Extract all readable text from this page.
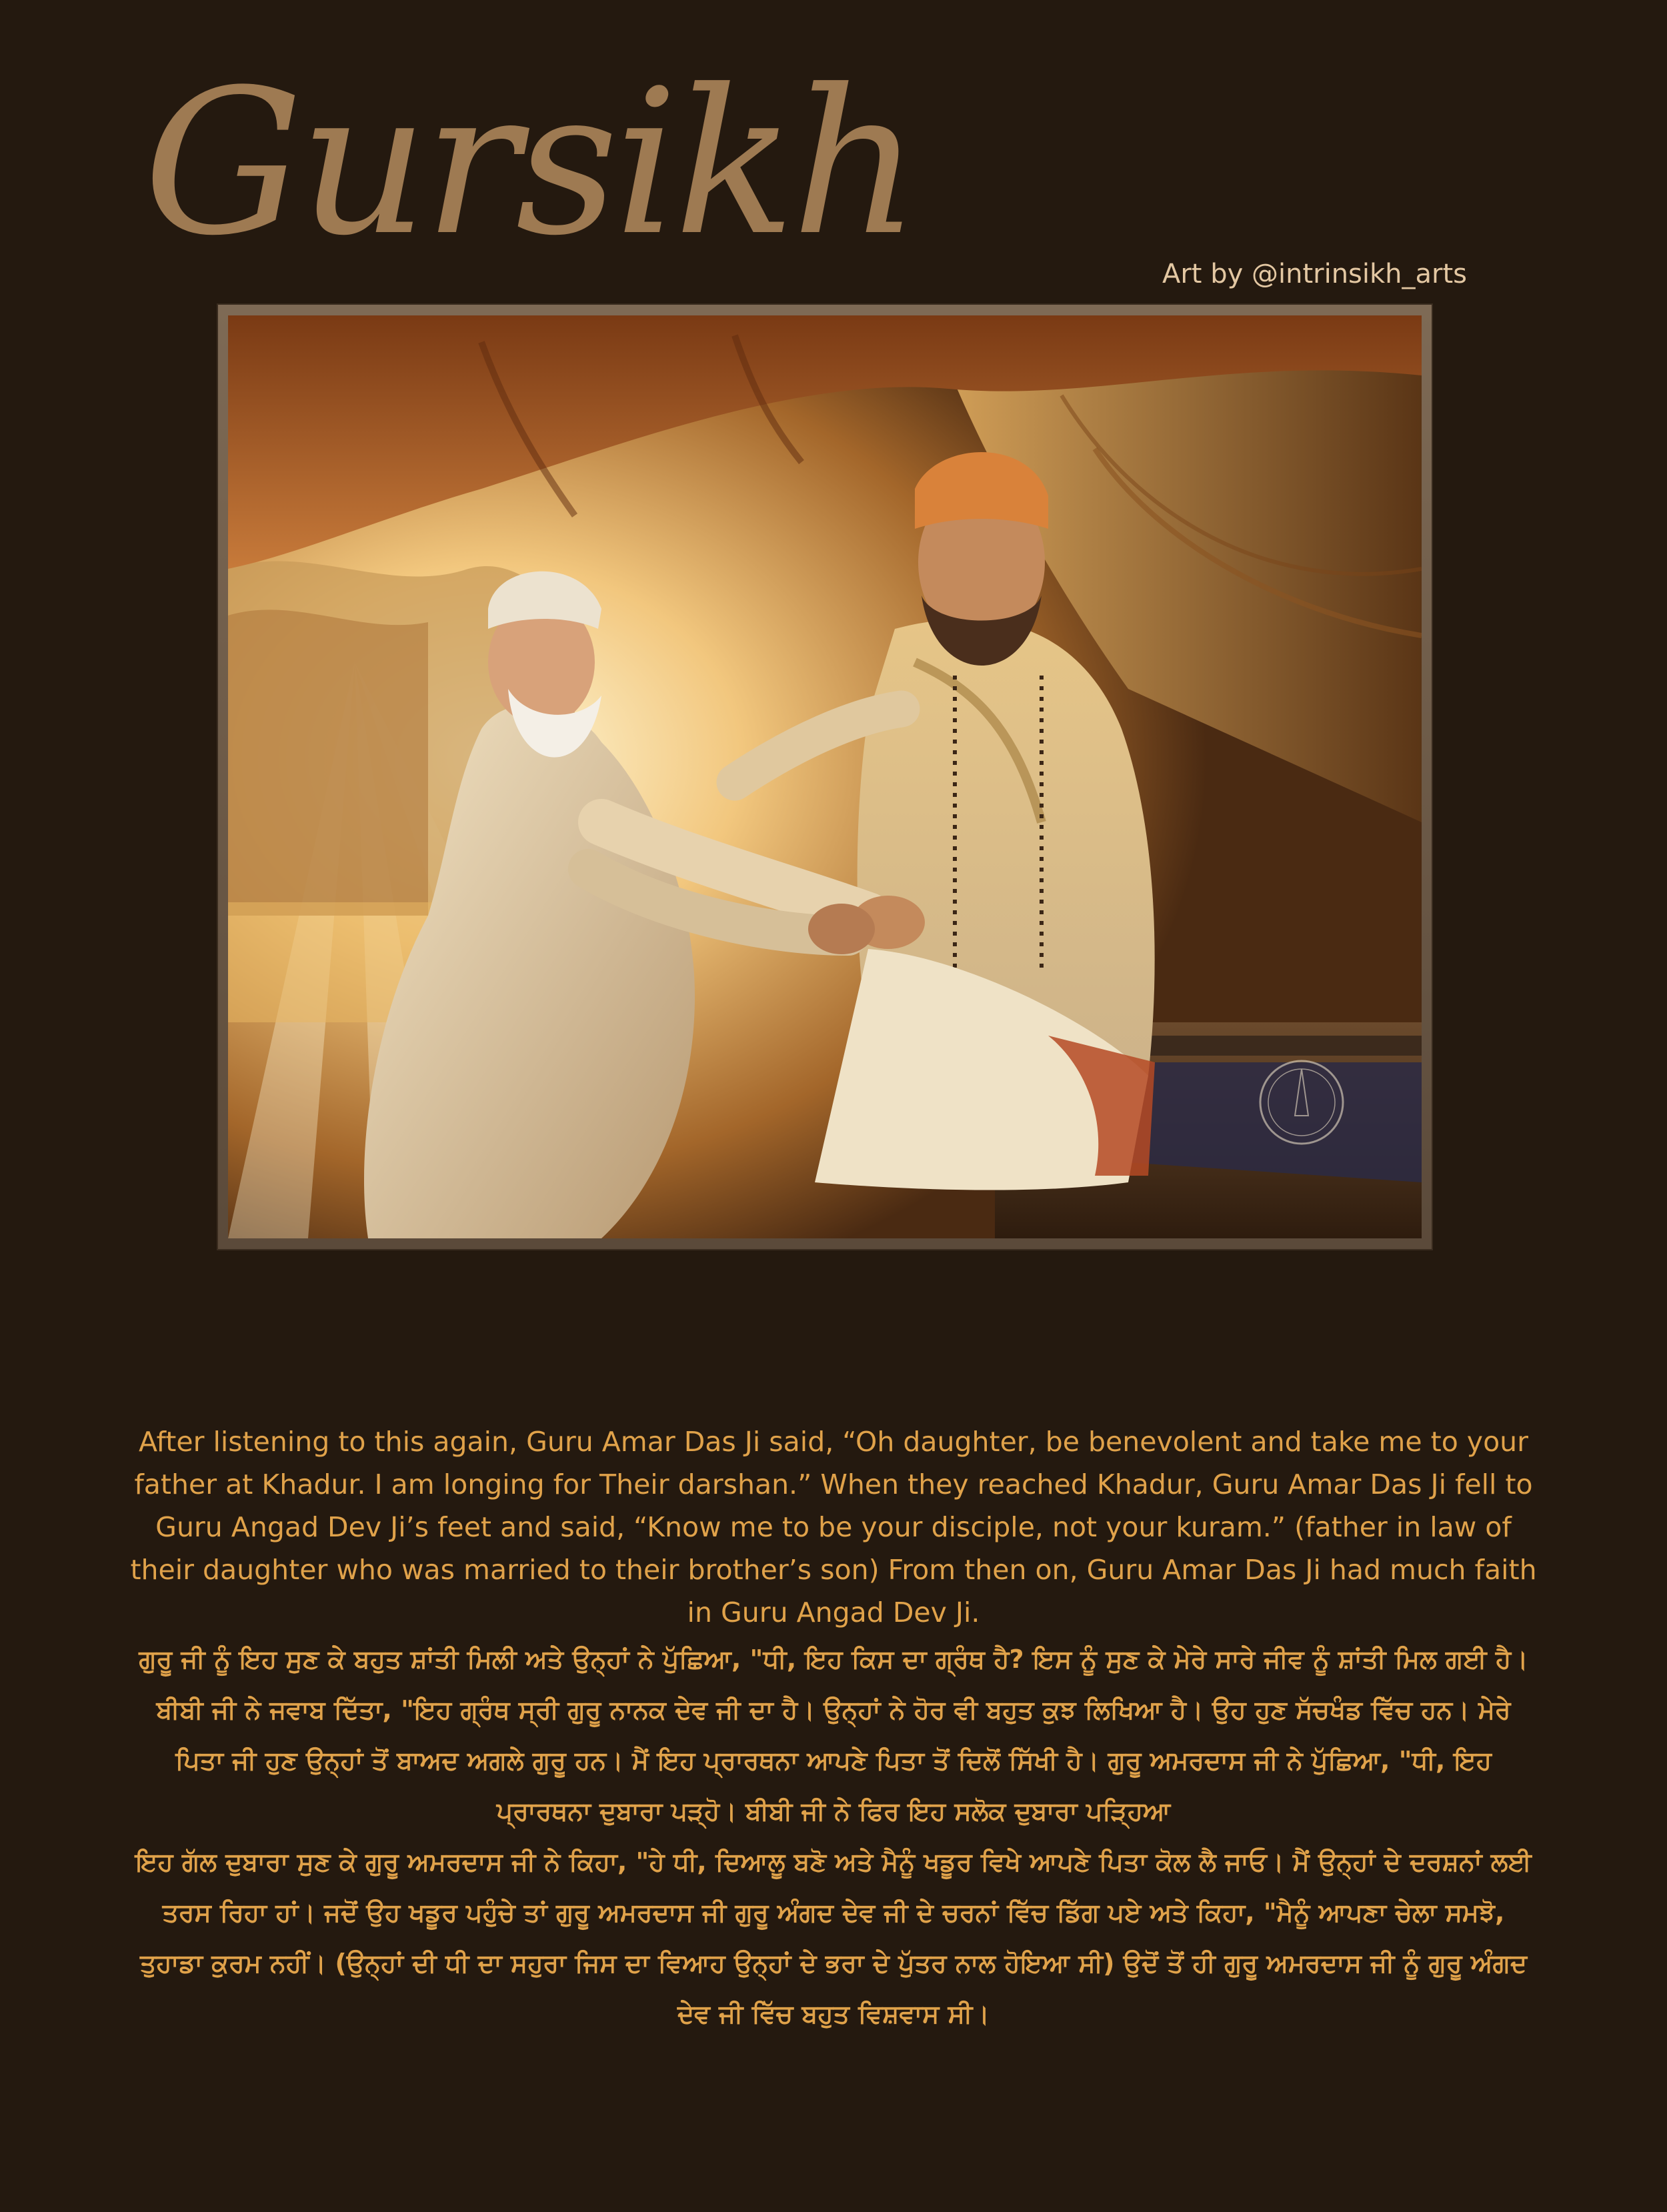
Gursikh	Art by @intrinsikh_arts

After listening to this again, Guru Amar Das Ji said, “Oh daughter, be benevolent and take me to your father at Khadur. I am longing for Their darshan.” When they reached Khadur, Guru Amar Das Ji fell to Guru Angad Dev Ji’s feet and said, “Know me to be your disciple, not your kuram.” (father in law of their daughter who was married to their brother’s son) From then on, Guru Amar Das Ji had much faith in Guru Angad Dev Ji.

ਗੁਰੂ ਜੀ ਨੂੰ ਇਹ ਸੁਣ ਕੇ ਬਹੁਤ ਸ਼ਾਂਤੀ ਮਿਲੀ ਅਤੇ ਉਨ੍ਹਾਂ ਨੇ ਪੁੱਛਿਆ, "ਧੀ, ਇਹ ਕਿਸ ਦਾ ਗ੍ਰੰਥ ਹੈ? ਇਸ ਨੂੰ ਸੁਣ ਕੇ ਮੇਰੇ ਸਾਰੇ ਜੀਵ ਨੂੰ ਸ਼ਾਂਤੀ ਮਿਲ ਗਈ ਹੈ। ਬੀਬੀ ਜੀ ਨੇ ਜਵਾਬ ਦਿੱਤਾ, "ਇਹ ਗ੍ਰੰਥ ਸ੍ਰੀ ਗੁਰੂ ਨਾਨਕ ਦੇਵ ਜੀ ਦਾ ਹੈ। ਉਨ੍ਹਾਂ ਨੇ ਹੋਰ ਵੀ ਬਹੁਤ ਕੁਝ ਲਿਖਿਆ ਹੈ। ਉਹ ਹੁਣ ਸੱਚਖੰਡ ਵਿੱਚ ਹਨ। ਮੇਰੇ ਪਿਤਾ ਜੀ ਹੁਣ ਉਨ੍ਹਾਂ ਤੋਂ ਬਾਅਦ ਅਗਲੇ ਗੁਰੂ ਹਨ। ਮੈਂ ਇਹ ਪ੍ਰਾਰਥਨਾ ਆਪਣੇ ਪਿਤਾ ਤੋਂ ਦਿਲੋਂ ਸਿੱਖੀ ਹੈ। ਗੁਰੂ ਅਮਰਦਾਸ ਜੀ ਨੇ ਪੁੱਛਿਆ, "ਧੀ, ਇਹ ਪ੍ਰਾਰਥਨਾ ਦੁਬਾਰਾ ਪੜ੍ਹੋ। ਬੀਬੀ ਜੀ ਨੇ ਫਿਰ ਇਹ ਸਲੋਕ ਦੁਬਾਰਾ ਪੜ੍ਹਿਆ

ਇਹ ਗੱਲ ਦੁਬਾਰਾ ਸੁਣ ਕੇ ਗੁਰੂ ਅਮਰਦਾਸ ਜੀ ਨੇ ਕਿਹਾ, "ਹੇ ਧੀ, ਦਿਆਲੂ ਬਣੋ ਅਤੇ ਮੈਨੂੰ ਖਡੂਰ ਵਿਖੇ ਆਪਣੇ ਪਿਤਾ ਕੋਲ ਲੈ ਜਾਓ। ਮੈਂ ਉਨ੍ਹਾਂ ਦੇ ਦਰਸ਼ਨਾਂ ਲਈ ਤਰਸ ਰਿਹਾ ਹਾਂ। ਜਦੋਂ ਉਹ ਖਡੂਰ ਪਹੁੰਚੇ ਤਾਂ ਗੁਰੂ ਅਮਰਦਾਸ ਜੀ ਗੁਰੂ ਅੰਗਦ ਦੇਵ ਜੀ ਦੇ ਚਰਨਾਂ ਵਿੱਚ ਡਿੱਗ ਪਏ ਅਤੇ ਕਿਹਾ, "ਮੈਨੂੰ ਆਪਣਾ ਚੇਲਾ ਸਮਝੋ, ਤੁਹਾਡਾ ਕੁਰਮ ਨਹੀਂ। (ਉਨ੍ਹਾਂ ਦੀ ਧੀ ਦਾ ਸਹੁਰਾ ਜਿਸ ਦਾ ਵਿਆਹ ਉਨ੍ਹਾਂ ਦੇ ਭਰਾ ਦੇ ਪੁੱਤਰ ਨਾਲ ਹੋਇਆ ਸੀ) ਉਦੋਂ ਤੋਂ ਹੀ ਗੁਰੂ ਅਮਰਦਾਸ ਜੀ ਨੂੰ ਗੁਰੂ ਅੰਗਦ ਦੇਵ ਜੀ ਵਿੱਚ ਬਹੁਤ ਵਿਸ਼ਵਾਸ ਸੀ।
